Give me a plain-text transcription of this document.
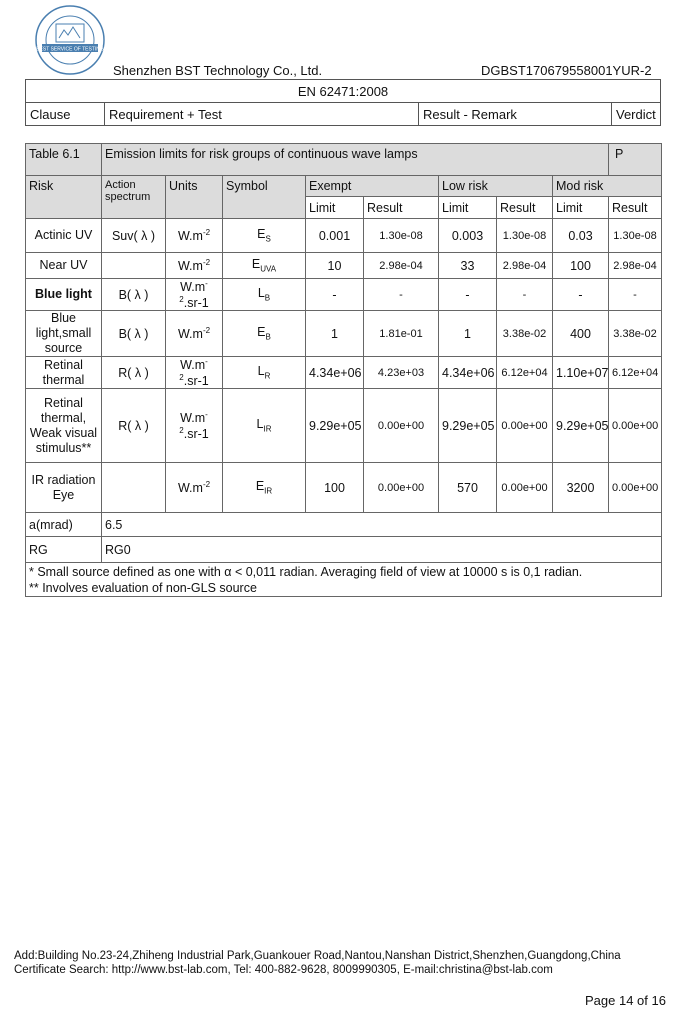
BEST SERVICE OF TESTING
Shenzhen BST Technology Co., Ltd.	DGBST170679558001YUR-2
EN 62471:2008
Clause	Requirement + Test	Result - Remark	Verdict
Table 6.1	Emission limits for risk groups of continuous wave lamps								P
Risk	Action spectrum	Units	Symbol	Exempt		Low risk		Mod risk	
				Limit	Result	Limit	Result	Limit	Result
Actinic UV	Suv( λ )	$W.m^{-2}$	$E_S$	0.001	1.30e-08	0.003	1.30e-08	0.03	1.30e-08
Near UV		$W.m^{-2}$	$E_{UVA}$	10	2.98e-04	33	2.98e-04	100	2.98e-04
Blue light	B( λ )	$W.m^{-2}.sr-1$	$L_B$	-	-	-	-	-	-
Blue light,small source	B( λ )	$W.m^{-2}$	$E_B$	1	1.81e-01	1	3.38e-02	400	3.38e-02
Retinal thermal	R( λ )	$W.m^{-2}.sr-1$	$L_R$	4.34e+06	4.23e+03	4.34e+06	6.12e+04	1.10e+07	6.12e+04
Retinal thermal, Weak visual stimulus**	R( λ )	$W.m^{-2}.sr-1$	$L_{IR}$	9.29e+05	0.00e+00	9.29e+05	0.00e+00	9.29e+05	0.00e+00
IR radiation Eye		$W.m^{-2}$	$E_{IR}$	100	0.00e+00	570	0.00e+00	3200	0.00e+00
a(mrad)	6.5								
RG	RG0								

* Small source defined as one with α < 0,011 radian. Averaging field of view at 10000 s is 0,1 radian.
** Involves evaluation of non-GLS source									
Add:Building No.23-24,Zhiheng Industrial Park,Guankouer Road,Nantou,Nanshan District,Shenzhen,Guangdong,China
Certificate Search: http://www.bst-lab.com, Tel: 400-882-9628, 8009990305, E-mail:christina@bst-lab.com
Page 14 of 16
